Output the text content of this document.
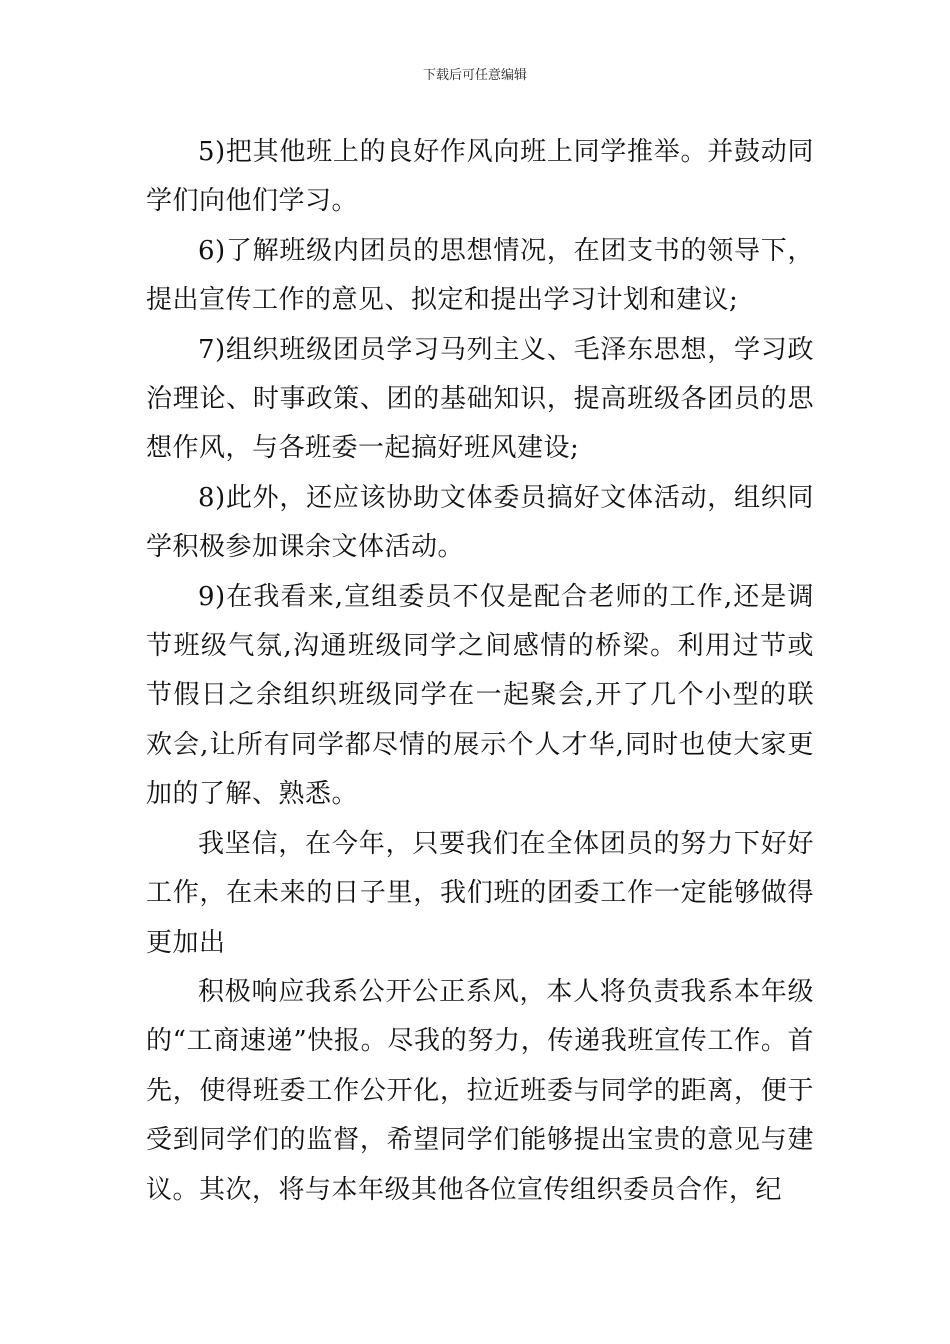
下载后可任意编辑

5)把其他班上的良好作风向班上同学推举。并鼓动同学们向他们学习。

6)了解班级内团员的思想情况，在团支书的领导下，提出宣传工作的意见、拟定和提出学习计划和建议;

7)组织班级团员学习马列主义、毛泽东思想，学习政治理论、时事政策、团的基础知识，提高班级各团员的思想作风，与各班委一起搞好班风建设;

8)此外，还应该协助文体委员搞好文体活动，组织同学积极参加课余文体活动。

9)在我看来,宣组委员不仅是配合老师的工作,还是调节班级气氛,沟通班级同学之间感情的桥梁。利用过节或节假日之余组织班级同学在一起聚会,开了几个小型的联欢会,让所有同学都尽情的展示个人才华,同时也使大家更加的了解、熟悉。

我坚信，在今年，只要我们在全体团员的努力下好好工作，在未来的日子里，我们班的团委工作一定能够做得更加出

积极响应我系公开公正系风，本人将负责我系本年级的“工商速递”快报。尽我的努力，传递我班宣传工作。首先，使得班委工作公开化，拉近班委与同学的距离，便于受到同学们的监督，希望同学们能够提出宝贵的意见与建议。其次，将与本年级其他各位宣传组织委员合作，纪
